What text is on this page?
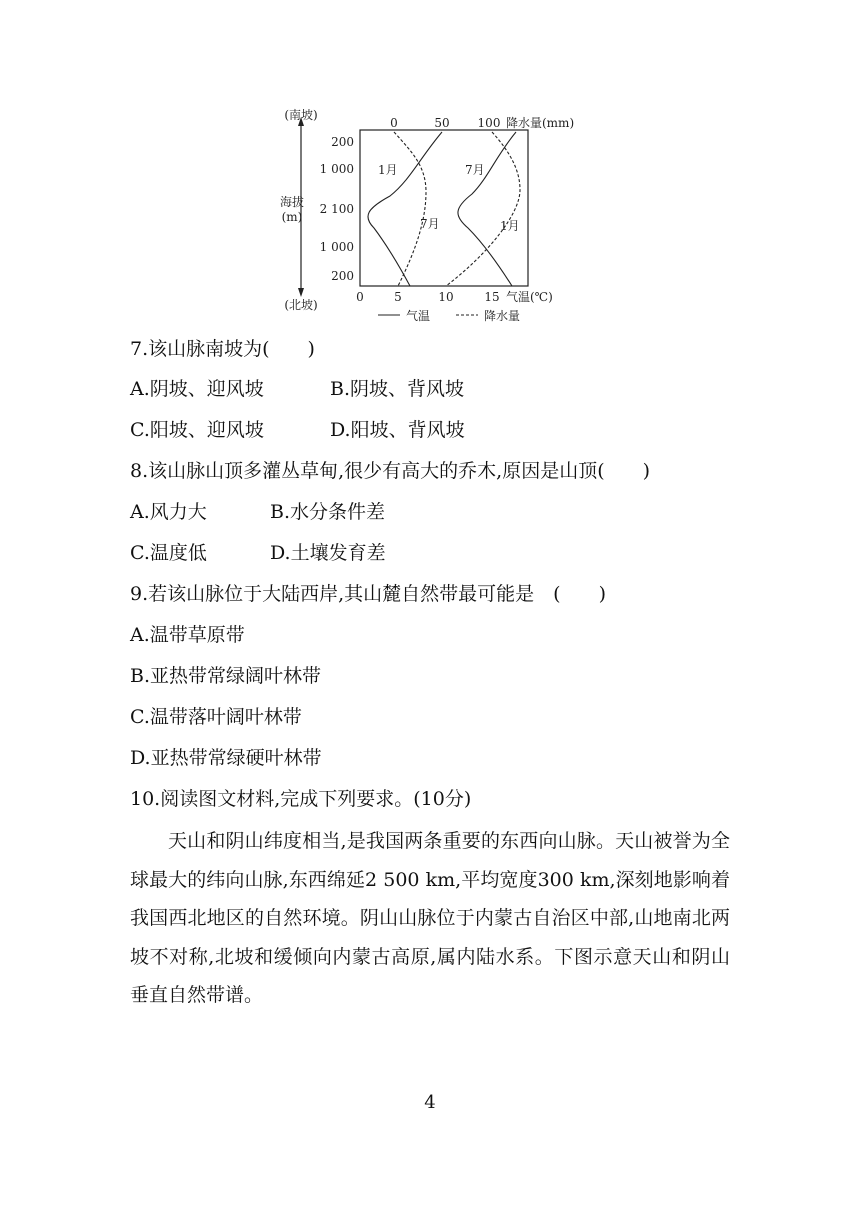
(南坡)
(北坡)
海拔
(m)
200
1 000
2 100
1 000
200
0	50 100 降水量(mm)
0	5	10	15 气温(℃)
1月
7月
7月
1月
气温	降水量
7.该山脉南坡为(　　)
A.阴坡、迎风坡	B.阴坡、背风坡
C.阳坡、迎风坡	D.阳坡、背风坡
8.该山脉山顶多灌丛草甸,很少有高大的乔木,原因是山顶(　　)
A.风力大	B.水分条件差
C.温度低	D.土壤发育差
9.若该山脉位于大陆西岸,其山麓自然带最可能是　(　　)
A.温带草原带
B.亚热带常绿阔叶林带
C.温带落叶阔叶林带
D.亚热带常绿硬叶林带
10.阅读图文材料,完成下列要求。(10分)
天山和阴山纬度相当,是我国两条重要的东西向山脉。天山被誉为全球最大的纬向山脉,东西绵延2 500 km,平均宽度300 km,深刻地影响着我国西北地区的自然环境。阴山山脉位于内蒙古自治区中部,山地南北两坡不对称,北坡和缓倾向内蒙古高原,属内陆水系。下图示意天山和阴山垂直自然带谱。
4
